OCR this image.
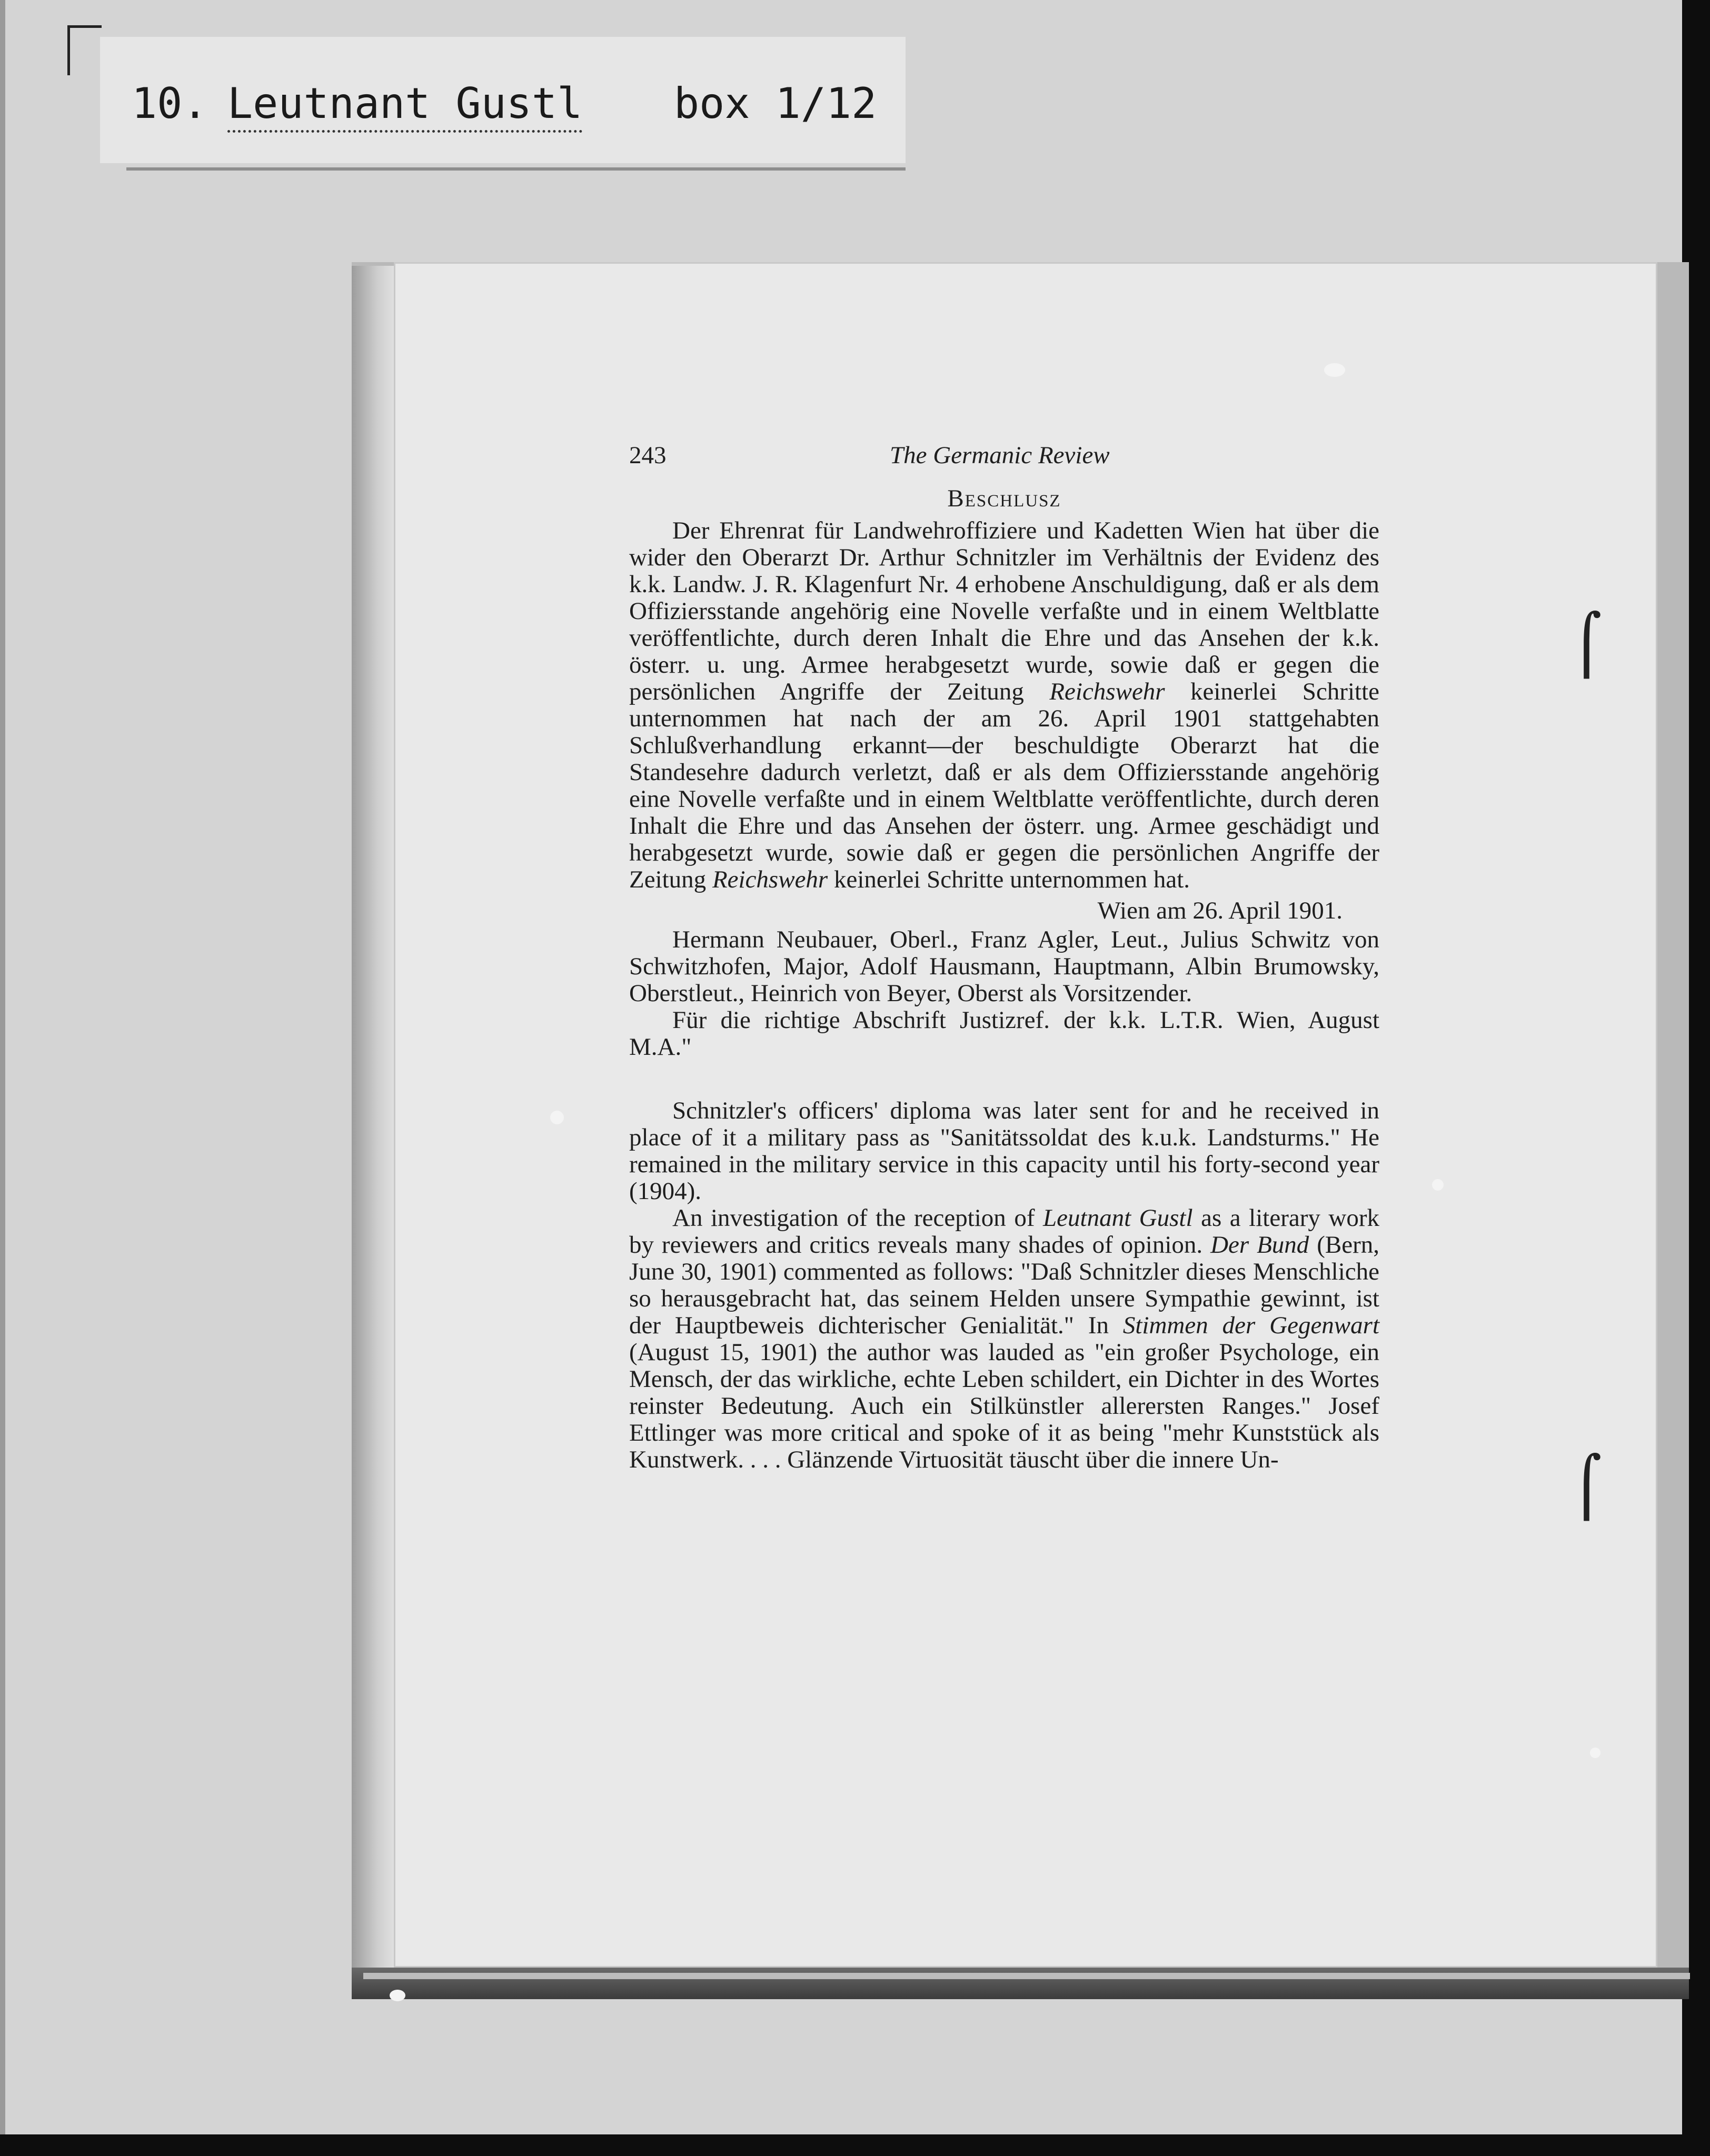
10. Leutnant Gustl box 1/12
243	The Germanic Review
Beschlusz

Der Ehrenrat für Landwehroffiziere und Kadetten Wien hat über die wider den Oberarzt Dr. Arthur Schnitzler im Verhältnis der Evidenz des k.k. Landw. J. R. Klagenfurt Nr. 4 erhobene Anschuldigung, daß er als dem Offiziersstande angehörig eine Novelle verfaßte und in einem Weltblatte veröffentlichte, durch deren Inhalt die Ehre und das Ansehen der k.k. österr. u. ung. Armee herabgesetzt wurde, sowie daß er gegen die persönlichen Angriffe der Zeitung Reichswehr keinerlei Schritte unternommen hat nach der am 26. April 1901 stattgehabten Schlußverhandlung erkannt—der beschuldigte Oberarzt hat die Standesehre dadurch verletzt, daß er als dem Offiziersstande angehörig eine Novelle verfaßte und in einem Weltblatte veröffentlichte, durch deren Inhalt die Ehre und das Ansehen der österr. ung. Armee geschädigt und herabgesetzt wurde, sowie daß er gegen die persönlichen Angriffe der Zeitung Reichswehr keinerlei Schritte unternommen hat.

Wien am 26. April 1901.

Hermann Neubauer, Oberl., Franz Agler, Leut., Julius Schwitz von Schwitzhofen, Major, Adolf Hausmann, Hauptmann, Albin Brumowsky, Oberstleut., Heinrich von Beyer, Oberst als Vorsitzender.

Für die richtige Abschrift Justizref. der k.k. L.T.R. Wien, August M.A."

Schnitzler's officers' diploma was later sent for and he received in place of it a military pass as "Sanitätssoldat des k.u.k. Landsturms." He remained in the military service in this capacity until his forty-second year (1904).

An investigation of the reception of Leutnant Gustl as a literary work by reviewers and critics reveals many shades of opinion. Der Bund (Bern, June 30, 1901) commented as follows: "Daß Schnitzler dieses Menschliche so herausgebracht hat, das seinem Helden unsere Sympathie gewinnt, ist der Hauptbeweis dichterischer Genialität." In Stimmen der Gegenwart (August 15, 1901) the author was lauded as "ein großer Psychologe, ein Mensch, der das wirkliche, echte Leben schildert, ein Dichter in des Wortes reinster Bedeutung. Auch ein Stilkünstler allerersten Ranges." Josef Ettlinger was more critical and spoke of it as being "mehr Kunststück als Kunstwerk. . . . Glänzende Virtuosität täuscht über die innere Un-

⌠
⌠
